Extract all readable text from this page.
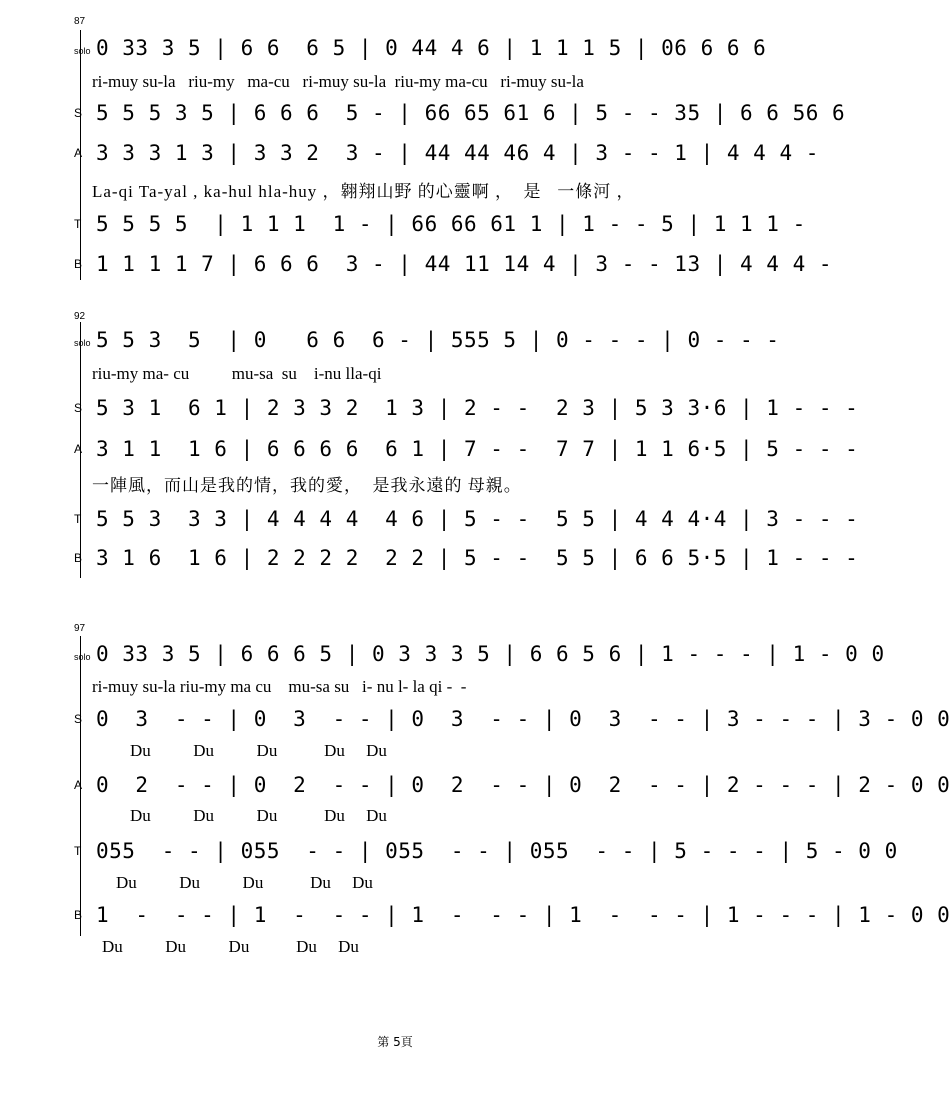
87
solo 0 33 3 5 | 6 6  6 5 | 0 44 4 6 | 1 1 1 5 | 06 6 6 6
ri-muy su-la   riu-my   ma-cu   ri-muy su-la  riu-my ma-cu   ri-muy su-la
S 5 5 5 3 5 | 6 6 6  5 - | 66 65 61 6 | 5 - - 35 | 6 6 56 6
A 3 3 3 1 3 | 3 3 2  3 - | 44 44 46 4 | 3 - - 1 | 4 4 4 -
La-qi Ta-yal , ka-hul hla-huy ，翱翔山野 的心靈啊 ，  是   一條河 ，
T 5 5 5 5  | 1 1 1  1 - | 66 66 61 1 | 1 - - 5 | 1 1 1 -
B 1 1 1 1 7 | 6 6 6  3 - | 44 11 14 4 | 3 - - 13 | 4 4 4 -
92
solo 5 5 3  5  | 0   6 6  6 - | 555 5 | 0 - - - | 0 - - -
riu-my ma- cu          mu-sa  su    i-nu lla-qi
S 5 3 1  6 1 | 2 3 3 2  1 3 | 2 - -  2 3 | 5 3 3·6 | 1 - - -
A 3 1 1  1 6 | 6 6 6 6  6 1 | 7 - -  7 7 | 1 1 6·5 | 5 - - -
一陣風，而山是我的情，我的愛，  是我永遠的 母親。
T 5 5 3  3 3 | 4 4 4 4  4 6 | 5 - -  5 5 | 4 4 4·4 | 3 - - -
B 3 1 6  1 6 | 2 2 2 2  2 2 | 5 - -  5 5 | 6 6 5·5 | 1 - - -
97
solo 0 33 3 5 | 6 6 6 5 | 0 3 3 3 5 | 6 6 5 6 | 1 - - - | 1 - 0 0
ri-muy su-la riu-my ma cu    mu-sa su   i- nu l- la qi -  -
S 0  3  - - | 0  3  - - | 0  3  - - | 0  3  - - | 3 - - - | 3 - 0 0
Du          Du          Du           Du     Du
A 0  2  - - | 0  2  - - | 0  2  - - | 0  2  - - | 2 - - - | 2 - 0 0
Du          Du          Du           Du     Du
T 055  - - | 055  - - | 055  - - | 055  - - | 5 - - - | 5 - 0 0
Du          Du          Du           Du     Du
B 1  -  - - | 1  -  - - | 1  -  - - | 1  -  - - | 1 - - - | 1 - 0 0
Du          Du          Du           Du     Du
第 5頁
